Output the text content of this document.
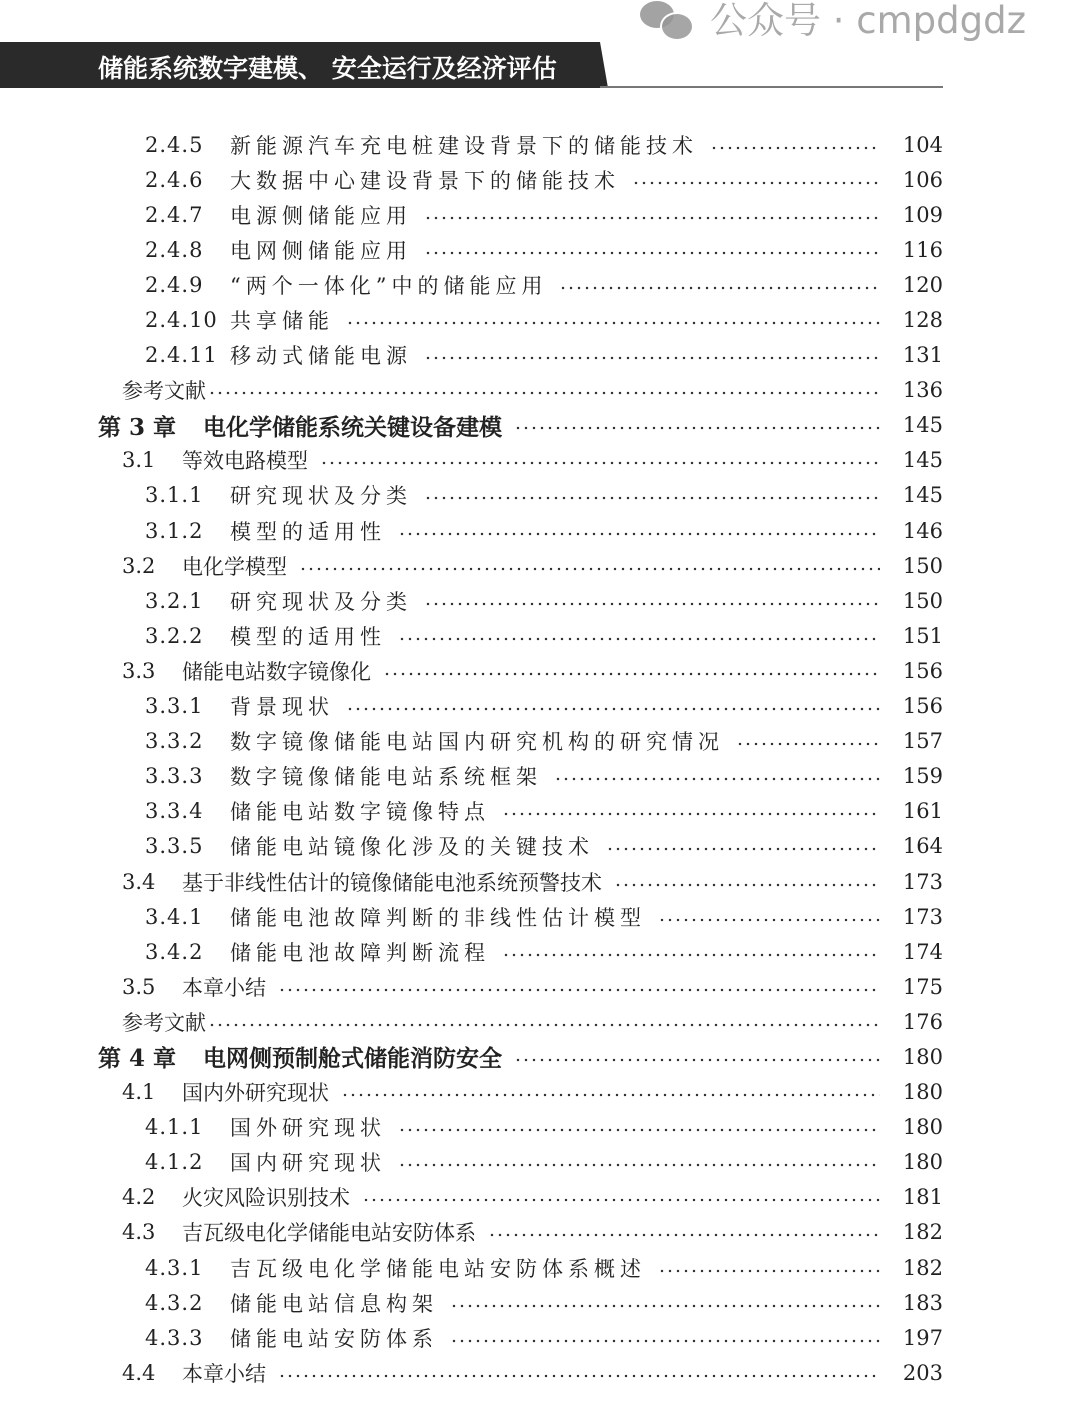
储能系统数字建模、 安全运行及经济评估
2.4.5	新能源汽车充电桩建设背景下的储能技术	104
2.4.6	大数据中心建设背景下的储能技术	106
2.4.7	电源侧储能应用	109
2.4.8	电网侧储能应用	116
2.4.9	“两个一体化”中的储能应用	120
2.4.10 共享储能	128
2.4.11 移动式储能电源	131
参考文献	136
第 3 章	电化学储能系统关键设备建模	145
3.1	等效电路模型	145
3.1.1	研究现状及分类	145
3.1.2	模型的适用性	146
3.2	电化学模型	150
3.2.1	研究现状及分类	150
3.2.2	模型的适用性	151
3.3	储能电站数字镜像化	156
3.3.1	背景现状	156
3.3.2	数字镜像储能电站国内研究机构的研究情况	157
3.3.3	数字镜像储能电站系统框架	159
3.3.4	储能电站数字镜像特点	161
3.3.5	储能电站镜像化涉及的关键技术	164
3.4	基于非线性估计的镜像储能电池系统预警技术	173
3.4.1	储能电池故障判断的非线性估计模型	173
3.4.2	储能电池故障判断流程	174
3.5	本章小结	175
参考文献	176
第 4 章	电网侧预制舱式储能消防安全	180
4.1	国内外研究现状	180
4.1.1	国外研究现状	180
4.1.2	国内研究现状	180
4.2	火灾风险识别技术	181
4.3	吉瓦级电化学储能电站安防体系	182
4.3.1	吉瓦级电化学储能电站安防体系概述	182
4.3.2	储能电站信息构架	183
4.3.3	储能电站安防体系	197
4.4	本章小结	203
公众号 · cmpdgdz
